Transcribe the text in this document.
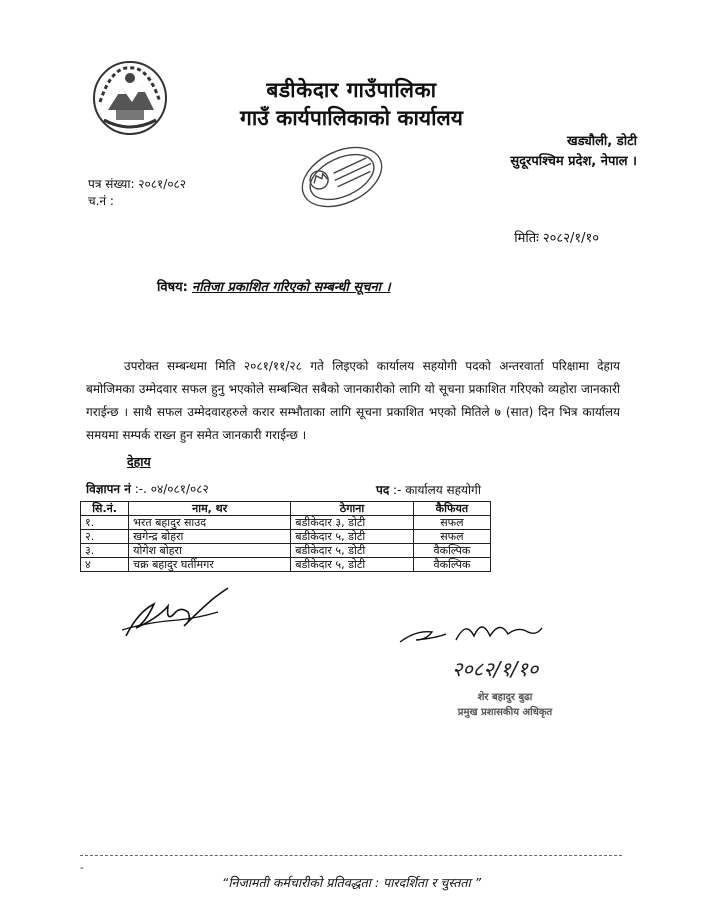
बडीकेदार गाउँपालिका
गाउँ कार्यपालिकाको कार्यालय
खड्यौली, डोटी
सुदूरपश्चिम प्रदेश, नेपाल ।
पत्र संख्या: २०८१/०८२
च.नं :
मितिः २०८२/१/१०
विषय: नतिजा प्रकाशित गरिएको सम्बन्धी सूचना ।
उपरोक्त सम्बन्धमा मिति २०८१/११/२८ गते लिइएको कार्यालय सहयोगी पदको अन्तरवार्ता परिक्षामा देहाय बमोजिमका उम्मेदवार सफल हुनु भएकोले सम्बन्धित सबैको जानकारीको लागि यो सूचना प्रकाशित गरिएको व्यहोरा जानकारी गराईन्छ । साथै सफल उम्मेदवारहरुले करार सम्भौताका लागि सूचना प्रकाशित भएको मितिले ७ (सात) दिन भित्र कार्यालय समयमा सम्पर्क राख्न हुन समेत जानकारी गराईन्छ ।
देहाय
विज्ञापन नं :-. ०४/०८१/०८२	पद :- कार्यालय सहयोगी
सि.नं.	नाम, थर	ठेगाना	कैफियत
१.	भरत बहादुर साउद	बडीकेदार ३, डोटी	सफल
२.	खगेन्द्र बोहरा	बडीकेदार ५, डोटी	सफल
३.	योगेश बोहरा	बडीकेदार ५, डोटी	वैकल्पिक
४	चक्र बहादुर घर्तीमगर	बडीकेदार ५, डोटी	वैकल्पिक
२०८२/१/१०
शेर बहादुर बुढा
प्रमुख प्रशासकीय अधिकृत
-
“निजामती कर्मचारीको प्रतिवद्धता : पारदर्शिता र चुस्तता ”
